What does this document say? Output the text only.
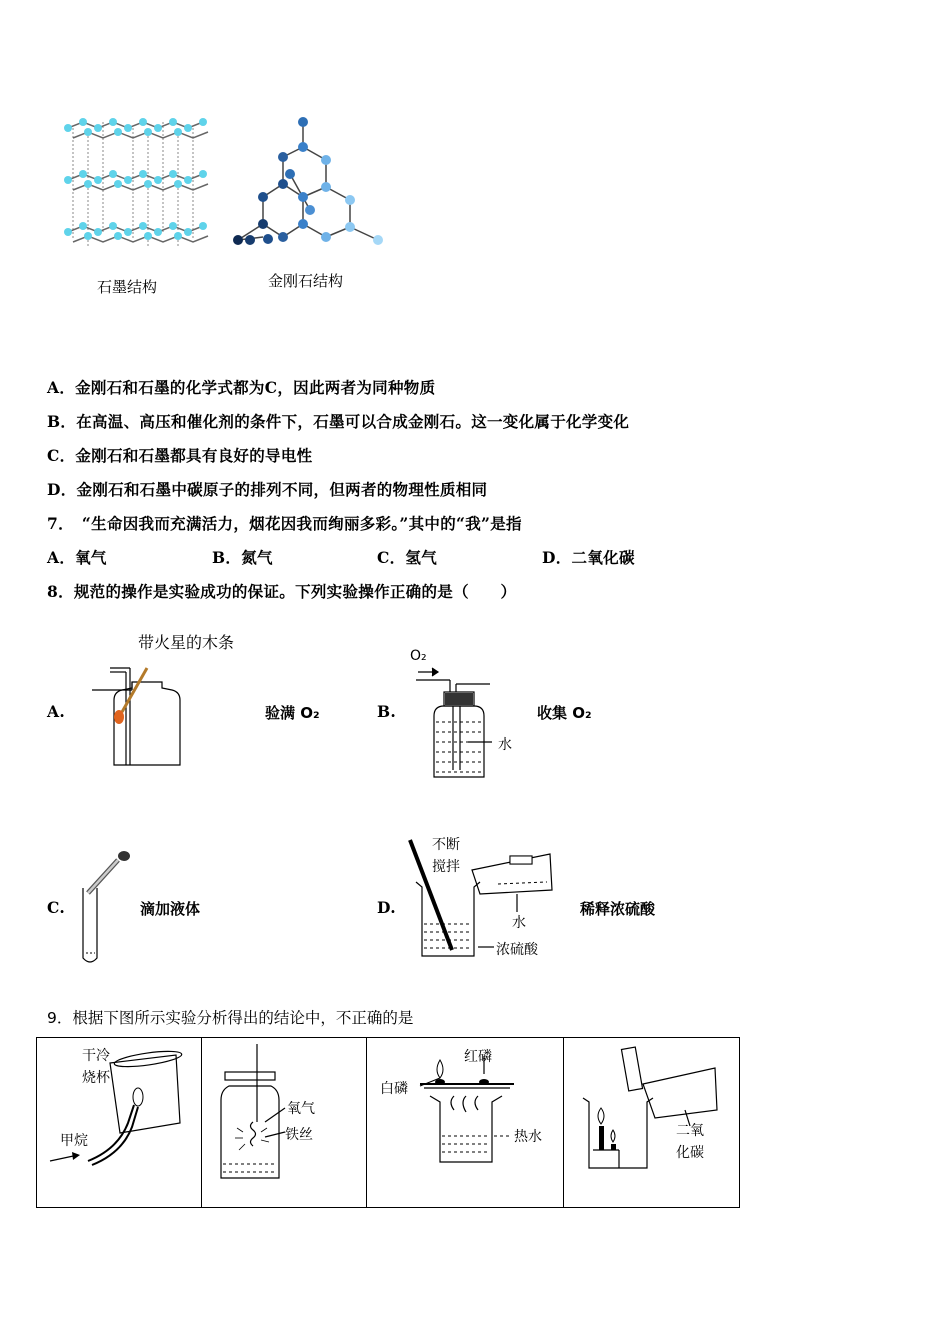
石墨结构	金刚石结构
A．金刚石和石墨的化学式都为C，因此两者为同种物质
B．在高温、高压和催化剂的条件下，石墨可以合成金刚石。这一变化属于化学变化
C．金刚石和石墨都具有良好的导电性
D．金刚石和石墨中碳原子的排列不同，但两者的物理性质相同
7．　“生命因我而充满活力，烟花因我而绚丽多彩。”其中的“我”是指
A．氧气	B．氮气	C．氢气	D．二氧化碳
8．规范的操作是实验成功的保证。下列实验操作正确的是（　　）
A.
带火星的木条
验满 O₂	B.
O₂
水
收集 O₂
C.	滴加液体	D.
不断
搅拌
水
浓硫酸
稀释浓硫酸
9．根据下图所示实验分析得出的结论中，不正确的是
干冷
烧杯
甲烷
氧气
铁丝
红磷
白磷
热水	二氧
化碳
